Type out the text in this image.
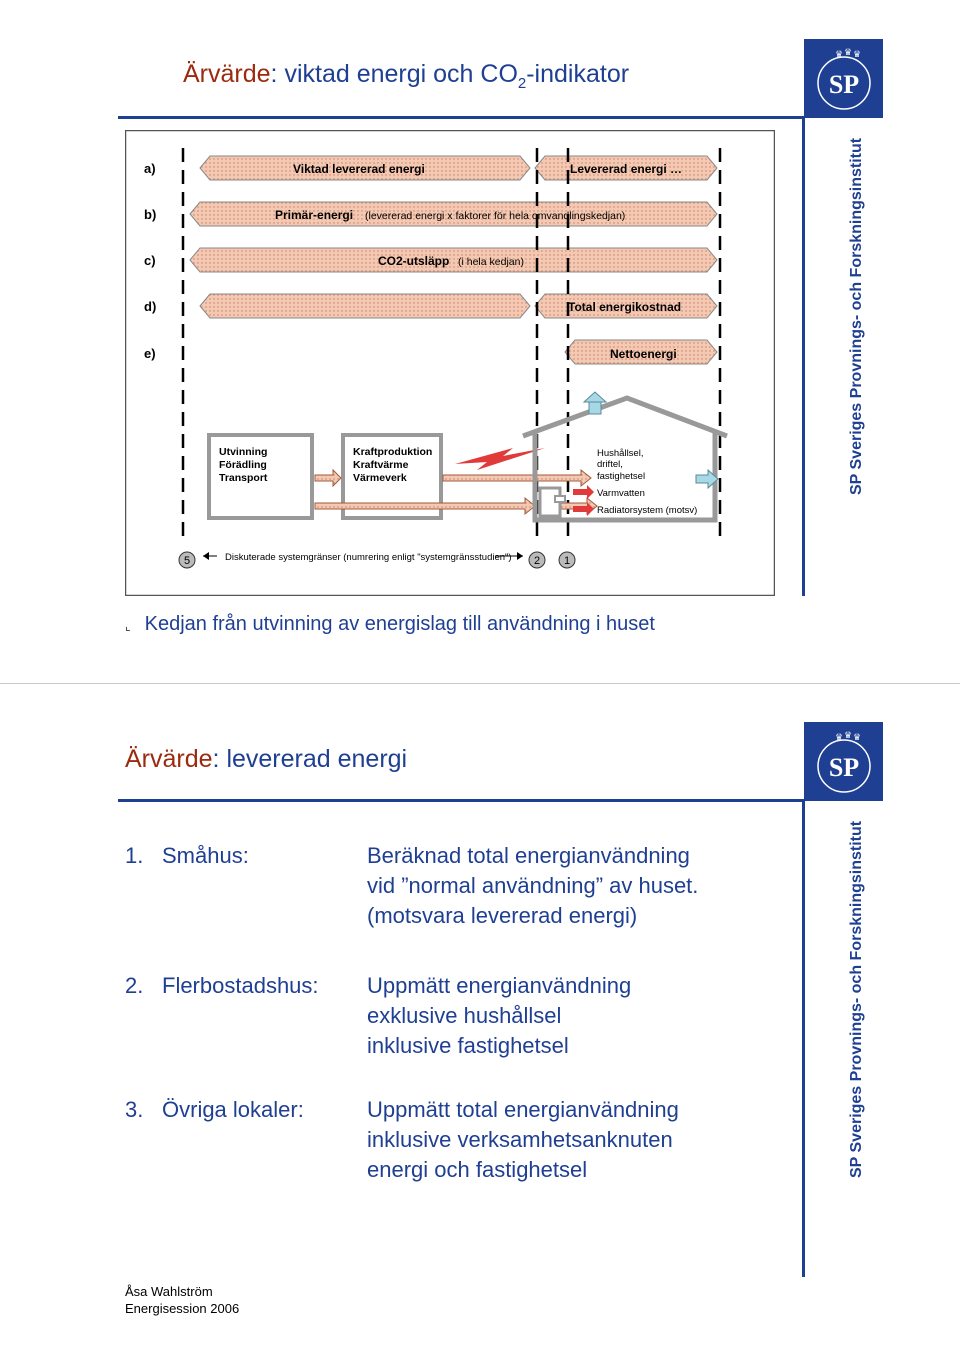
Ärvärde: viktad energi och $CO_2$-indikator	SP
♛ ♛ ♛
SP Sveriges Provnings- och Forskningsinstitut
a)
b)
c)
d)
e)
Viktad levererad energi	Levererad energi …
Primär-energi (levererad energi x faktorer för hela omvandlingskedjan)
CO2-utsläpp (i hela kedjan)
Total energikostnad
Nettoenergi
Utvinning
Förädling
Transport
Kraftproduktion
Kraftvärme
Värmeverk
Hushållsel,
driftel,
fastighetsel
Varmvatten
Radiatorsystem (motsv)
5	Diskuterade systemgränser (numrering enligt "systemgränsstudien") 2 1
⌞ Kedjan från utvinning av energislag till användning i huset
Ärvärde: levererad energi	SP
♛ ♛ ♛
SP Sveriges Provnings- och Forskningsinstitut
1. Småhus:	Beräknad total energianvändning
vid ”normal användning” av huset.
(motsvara levererad energi)
2. Flerbostadshus: Uppmätt energianvändning
exklusive hushållsel
inklusive fastighetsel
3. Övriga lokaler:	Uppmätt total energianvändning
inklusive verksamhetsanknuten
energi och fastighetsel
Åsa Wahlström
Energisession 2006
